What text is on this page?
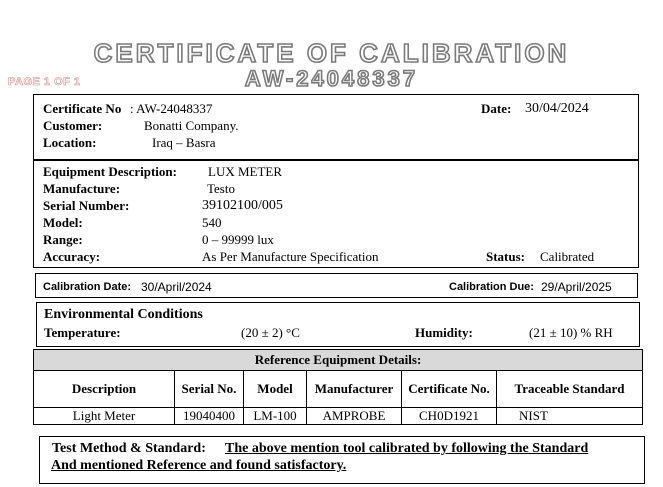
CERTIFICATE OF CALIBRATION
AW-24048337
PAGE 1 OF 1
Certificate No : AW-24048337	Date: 30/04/2024
Customer:	Bonatti Company.
Location:	Iraq – Basra
Equipment Description: LUX METER
Manufacture:	Testo
Serial Number:	39102100/005
Model:	540
Range:	0 – 99999 lux
Accuracy:	As Per Manufacture Specification	Status: Calibrated
Calibration Date: 30/April/2024	Calibration Due: 29/April/2025
Environmental Conditions
Temperature:	(20 ± 2) °C	Humidity:	(21 ± 10) % RH
Reference Equipment Details:					
Description	Serial No.	Model	Manufacturer	Certificate No.	Traceable Standard
Light Meter	19040400	LM-100	AMPROBE	CH0D1921	NIST
Test Method & Standard: The above mention tool calibrated by following the Standard
And mentioned Reference and found satisfactory.
